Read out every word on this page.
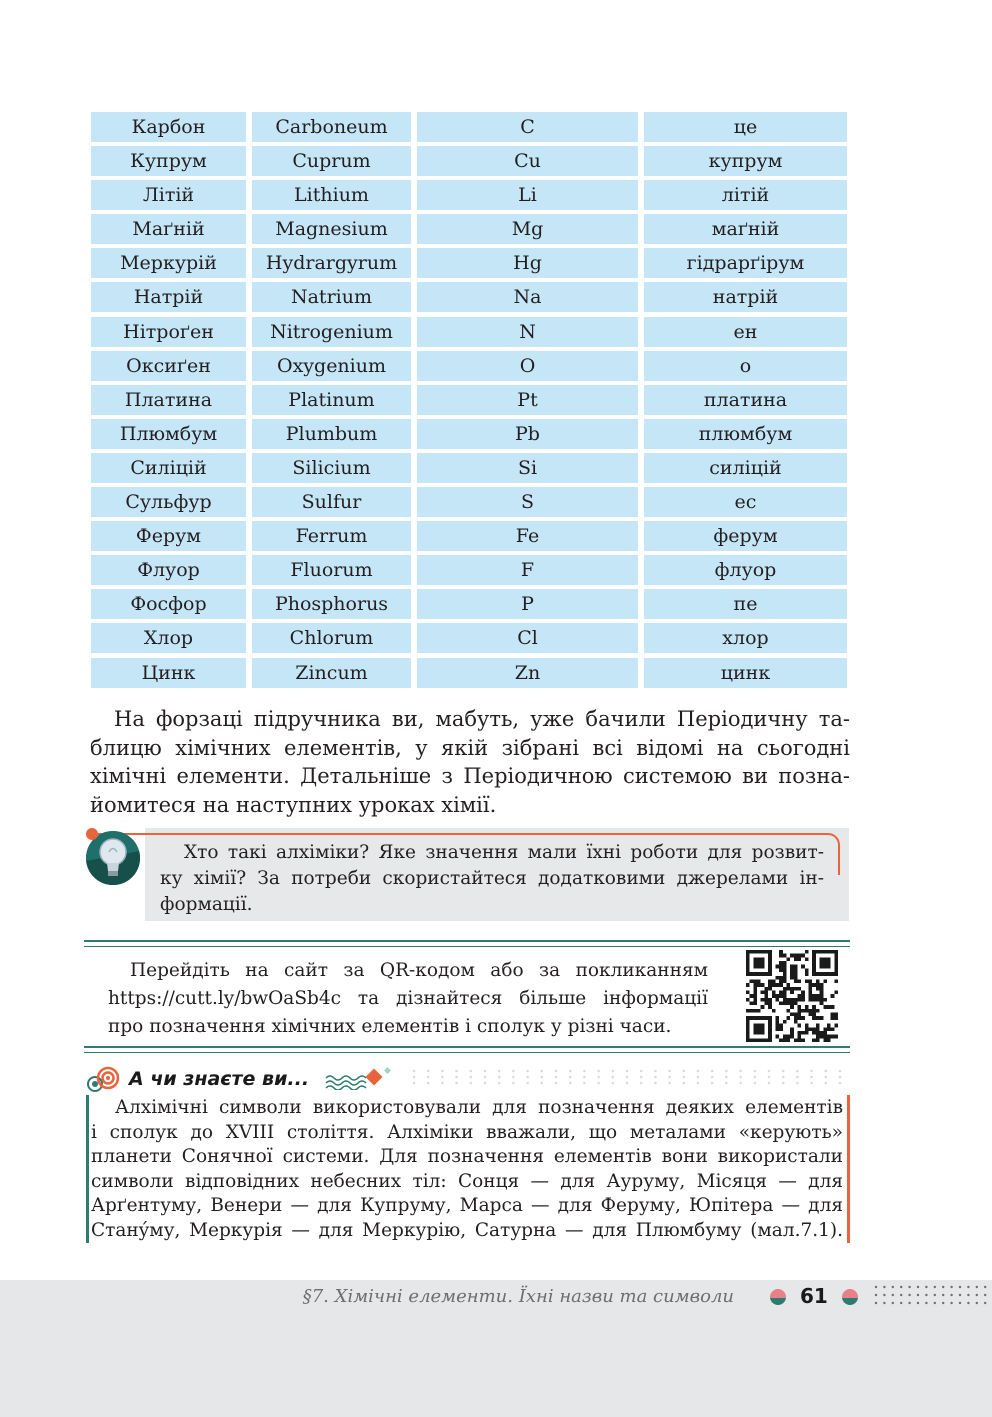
Карбон	Carboneum	C	це
Купрум	Cuprum	Cu	купрум
Літій	Lithium	Li	літій
Маґній	Magnesium	Mg	маґній
Меркурій	Hydrargyrum	Hg	гідрарґірум
Натрій	Natrium	Na	натрій
Нітроґен	Nitrogenium	N	ен
Оксиґен	Oxygenium	O	о
Платина	Platinum	Pt	платина
Плюмбум	Plumbum	Pb	плюмбум
Силіцій	Silicium	Si	силіцій
Сульфур	Sulfur	S	ес
Ферум	Ferrum	Fe	ферум
Флуор	Fluorum	F	флуор
Фосфор	Phosphorus	P	пе
Хлор	Chlorum	Cl	хлор
Цинк	Zincum	Zn	цинк
На форзаці підручника ви, мабуть, уже бачили Періодичну та-
блицю хімічних елементів, у якій зібрані всі відомі на сьогодні
хімічні елементи. Детальніше з Періодичною системою ви позна-
йомитеся на наступних уроках хімії.
Хто такі алхіміки? Яке значення мали їхні роботи для розвит-
ку хімії? За потреби скористайтеся додатковими джерелами ін-
формації.
Перейдіть на сайт за QR-кодом або за покликанням
https://cutt.ly/bwOaSb4c та дізнайтеся більше інформації
про позначення хімічних елементів і сполук у різні часи.
А чи знаєте ви...
Алхімічні символи використовували для позначення деяких елементів
і сполук до XVIII століття. Алхіміки вважали, що металами «керують»
планети Сонячної системи. Для позначення елементів вони використали
символи відповідних небесних тіл: Сонця — для Ауруму, Місяця — для
Арґентуму, Венери — для Купруму, Марса — для Феруму, Юпітера — для
Станýму, Меркурія — для Меркурію, Сатурна — для Плюмбуму (мал.7.1).
§7. Хімічні елементи. Їхні назви та символи	61
